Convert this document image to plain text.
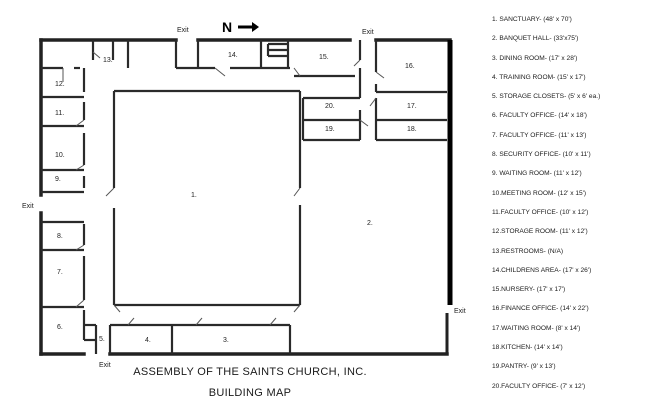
N
Exit	Exit
Exit
Exit
Exit
1.
2.
3.
4.
5.
6.
7.
8.
9.
10.
11.
12.
13.
14.	15.
16.
17.
18.
19.
20.
1. SANCTUARY- (48' x 70')
2. BANQUET HALL- (33'x75')
3. DINING ROOM- (17' x 28')
4. TRAINING ROOM- (15' x 17')
5. STORAGE CLOSETS- (5' x 6' ea.)
6. FACULTY OFFICE- (14' x 18')
7. FACULTY OFFICE- (11' x 13')
8. SECURITY OFFICE- (10' x 11')
9. WAITING ROOM- (11' x 12')
10.MEETING ROOM- (12' x 15')
11.FACULTY OFFICE- (10' x 12')
12.STORAGE ROOM- (11' x 12')
13.RESTROOMS- (N/A)
14.CHILDRENS AREA- (17' x 26')
15.NURSERY- (17' x 17')
16.FINANCE OFFICE- (14' x 22')
17.WAITING ROOM- (8' x 14')
18.KITCHEN- (14' x 14')
19.PANTRY- (9' x 13')
20.FACULTY OFFICE- (7' x 12')
ASSEMBLY OF THE SAINTS CHURCH, INC.
BUILDING MAP
